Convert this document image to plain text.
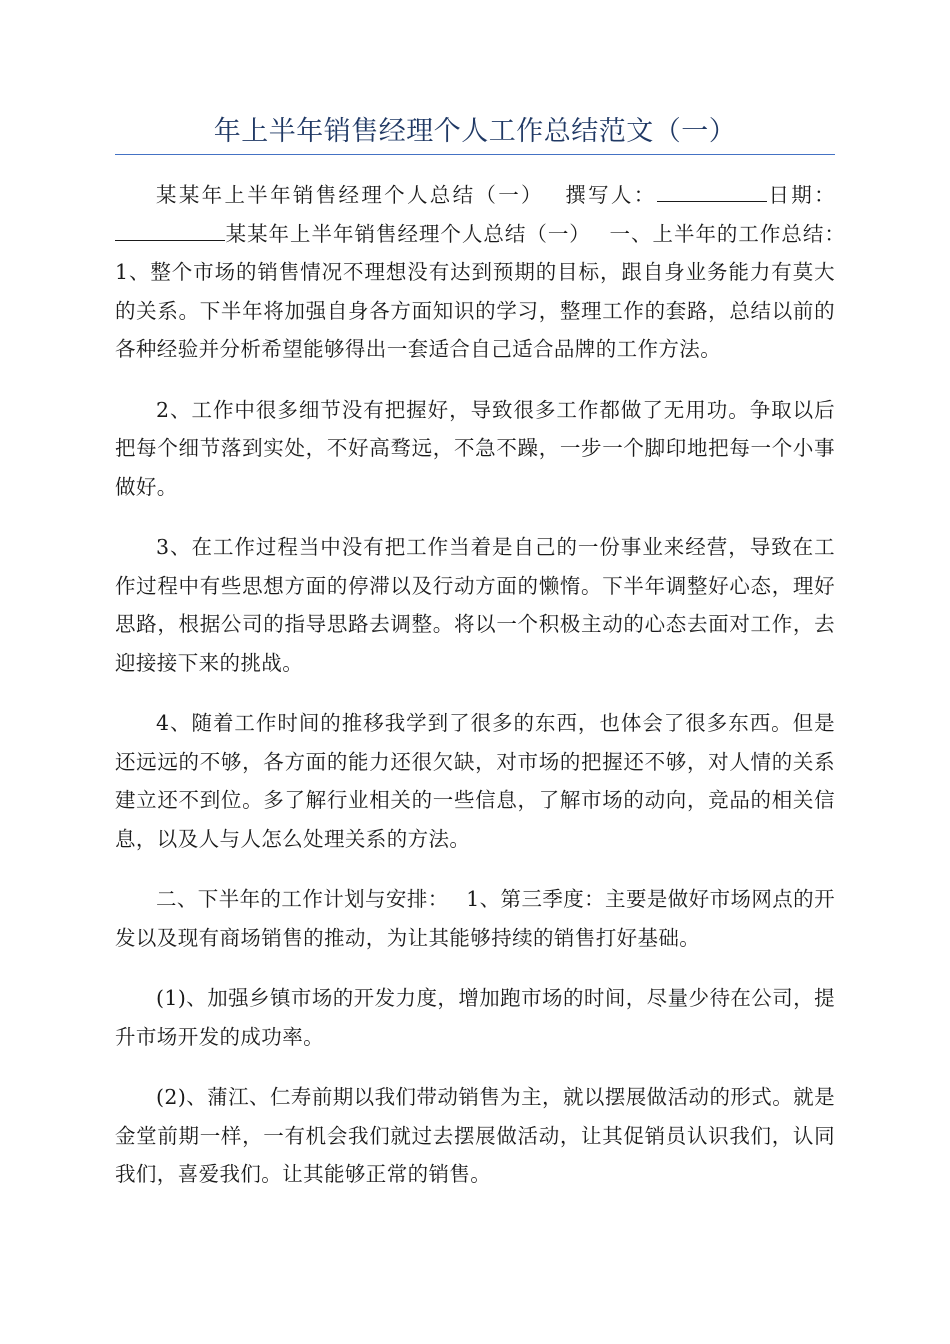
年上半年销售经理个人工作总结范文（一）

某某年上半年销售经理个人总结（一）　 撰写人：	日期：某某年上半年销售经理个人总结（一）　 一、上半年的工作总结：　 1、整个市场的销售情况不理想没有达到预期的目标，跟自身业务能力有莫大的关系。下半年将加强自身各方面知识的学习，整理工作的套路，总结以前的各种经验并分析希望能够得出一套适合自己适合品牌的工作方法。

2、工作中很多细节没有把握好，导致很多工作都做了无用功。争取以后把每个细节落到实处，不好高骛远，不急不躁，一步一个脚印地把每一个小事做好。

3、在工作过程当中没有把工作当着是自己的一份事业来经营，导致在工作过程中有些思想方面的停滞以及行动方面的懒惰。下半年调整好心态，理好思路，根据公司的指导思路去调整。将以一个积极主动的心态去面对工作，去迎接接下来的挑战。

4、随着工作时间的推移我学到了很多的东西，也体会了很多东西。但是还远远的不够，各方面的能力还很欠缺，对市场的把握还不够，对人情的关系建立还不到位。多了解行业相关的一些信息，了解市场的动向，竞品的相关信息，以及人与人怎么处理关系的方法。

二、下半年的工作计划与安排：　 1、第三季度：主要是做好市场网点的开发以及现有商场销售的推动，为让其能够持续的销售打好基础。

(1)、加强乡镇市场的开发力度，增加跑市场的时间，尽量少待在公司，提升市场开发的成功率。

(2)、蒲江、仁寿前期以我们带动销售为主，就以摆展做活动的形式。就是金堂前期一样，一有机会我们就过去摆展做活动，让其促销员认识我们，认同我们，喜爱我们。让其能够正常的销售。
